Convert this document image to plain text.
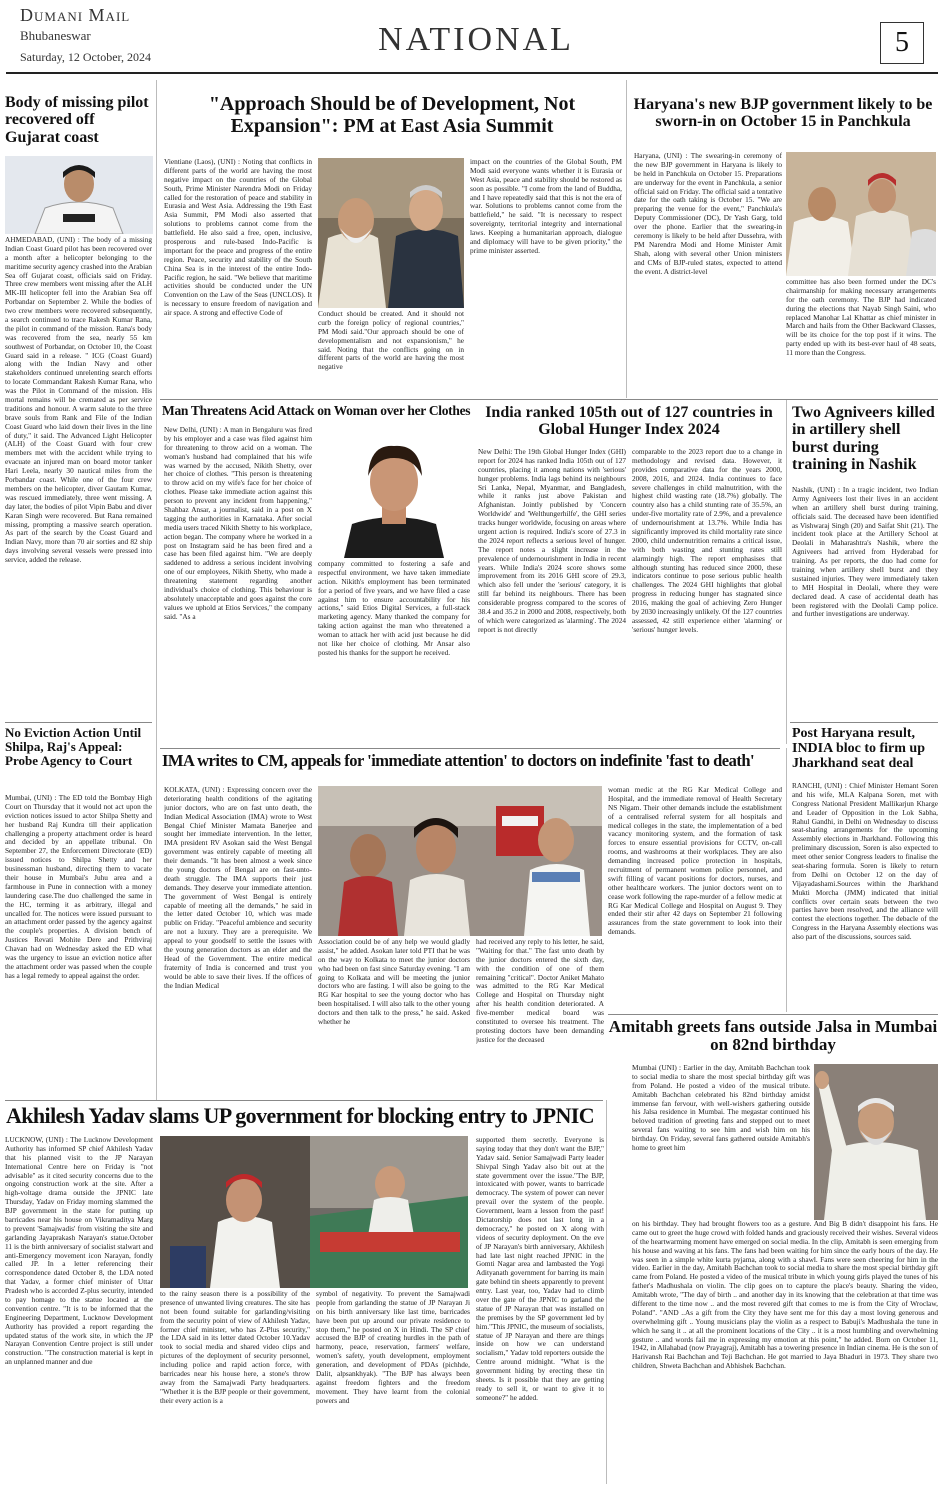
Dumani Mail
Bhubaneswar
Saturday, 12 October, 2024	NATIONAL	5
Body of missing pilot recovered off Gujarat coast
AHMEDABAD, (UNI) : The body of a missing Indian Coast Guard pilot has been recovered over a month after a helicopter belonging to the maritime security agency crashed into the Arabian Sea off Gujarat coast, officials said on Friday. Three crew members went missing after the ALH MK-III helicopter fell into the Arabian Sea off Porbandar on September 2. While the bodies of two crew members were recovered subsequently, a search continued to trace Rakesh Kumar Rana, the pilot in command of the mission. Rana's body was recovered from the sea, nearly 55 km southwest of Porbandar, on October 10, the Coast Guard said in a release. " ICG (Coast Guard) along with the Indian Navy and other stakeholders continued unrelenting search efforts to locate Commandant Rakesh Kumar Rana, who was the Pilot in Command of the mission. His mortal remains will be cremated as per service traditions and honour. A warm salute to the three brave souls from Rank and File of the Indian Coast Guard who laid down their lives in the line of duty," it said. The Advanced Light Helicopter (ALH) of the Coast Guard with four crew members met with the accident while trying to evacuate an injured man on board motor tanker Hari Leela, nearly 30 nautical miles from the Porbandar coast. While one of the four crew members on the helicopter, diver Gautam Kumar, was rescued immediately, three went missing. A day later, the bodies of pilot Vipin Babu and diver Karan Singh were recovered. But Rana remained missing, prompting a massive search operation. As part of the search by the Coast Guard and Indian Navy, more than 70 air sorties and 82 ship days involving several vessels were pressed into service, added the release.
No Eviction Action Until Shilpa, Raj's Appeal: Probe Agency to Court
Mumbai, (UNI) : The ED told the Bombay High Court on Thursday that it would not act upon the eviction notices issued to actor Shilpa Shetty and her husband Raj Kundra till their application challenging a property attachment order is heard and decided by an appellate tribunal. On September 27, the Enforcement Directorate (ED) issued notices to Shilpa Shetty and her businessman husband, directing them to vacate their house in Mumbai's Juhu area and a farmhouse in Pune in connection with a money laundering case.The duo challenged the same in the HC, terming it as arbitrary, illegal and uncalled for. The notices were issued pursuant to an attachment order passed by the agency against the couple's properties. A division bench of Justices Revati Mohite Dere and Prithviraj Chavan had on Wednesday asked the ED what was the urgency to issue an eviction notice after the attachment order was passed when the couple has a legal remedy to appeal against the order.
"Approach Should be of Development, Not Expansion": PM at East Asia Summit
Vientiane (Laos), (UNI) : Noting that conflicts in different parts of the world are having the most negative impact on the countries of the Global South, Prime Minister Narendra Modi on Friday called for the restoration of peace and stability in Eurasia and West Asia. Addressing the 19th East Asia Summit, PM Modi also asserted that solutions to problems cannot come from the battlefield. He also said a free, open, inclusive, prosperous and rule-based Indo-Pacific is important for the peace and progress of the entire region. Peace, security and stability of the South China Sea is in the interest of the entire Indo-Pacific region, he said. "We believe that maritime activities should be conducted under the UN Convention on the Law of the Seas (UNCLOS). It is necessary to ensure freedom of navigation and air space. A strong and effective Code of	Conduct should be created. And it should not curb the foreign policy of regional countries," PM Modi said."Our approach should be one of developmentalism and not expansionism," he said. Noting that the conflicts going on in different parts of the world are having the most negative
impact on the countries of the Global South, PM Modi said everyone wants whether it is Eurasia or West Asia, peace and stability should be restored as soon as possible. "I come from the land of Buddha, and I have repeatedly said that this is not the era of war. Solutions to problems cannot come from the battlefield," he said. "It is necessary to respect sovereignty, territorial integrity and international laws. Keeping a humanitarian approach, dialogue and diplomacy will have to be given priority," the prime minister asserted.
Haryana's new BJP government likely to be sworn-in on October 15 in Panchkula
Haryana, (UNI) : The swearing-in ceremony of the new BJP government in Haryana is likely to be held in Panchkula on October 15. Preparations are underway for the event in Panchkula, a senior official said on Friday. The official said a tentative date for the oath taking is October 15. "We are preparing the venue for the event," Panchkula's Deputy Commissioner (DC), Dr Yash Garg, told over the phone. Earlier that the swearing-in ceremony is likely to be held after Dussehra, with PM Narendra Modi and Home Minister Amit Shah, along with several other Union ministers and CMs of BJP-ruled states, expected to attend the event. A district-level
committee has also been formed under the DC's chairmanship for making necessary arrangements for the oath ceremony. The BJP had indicated during the elections that Nayab Singh Saini, who replaced Manohar Lal Khattar as chief minister in March and hails from the Other Backward Classes, will be its choice for the top post if it wins. The party ended up with its best-ever haul of 48 seats, 11 more than the Congress.
Man Threatens Acid Attack on Woman over her Clothes
New Delhi, (UNI) : A man in Bengaluru was fired by his employer and a case was filed against him for threatening to throw acid on a woman. The woman's husband had complained that his wife was warned by the accused, Nikith Shetty, over her choice of clothes. "This person is threatening to throw acid on my wife's face for her choice of clothes. Please take immediate action against this person to prevent any incident from happening," Shahbaz Ansar, a journalist, said in a post on X tagging the authorities in Karnataka. After social media users traced Nikith Shetty to his workplace, action began. The company where he worked in a post on Instagram said he has been fired and a case has been filed against him. "We are deeply saddened to address a serious incident involving one of our employees, Nikith Shetty, who made a threatening statement regarding another individual's choice of clothing. This behaviour is absolutely unacceptable and goes against the core values we uphold at Etios Services," the company said. "As a
company committed to fostering a safe and respectful environment, we have taken immediate action. Nikith's employment has been terminated for a period of five years, and we have filed a case against him to ensure accountability for his actions," said Etios Digital Services, a full-stack marketing agency. Many thanked the company for taking action against the man who threatened a woman to attack her with acid just because he did not like her choice of clothing. Mr Ansar also posted his thanks for the support he received.
India ranked 105th out of 127 countries in Global Hunger Index 2024
New Delhi: The 19th Global Hunger Index (GHI) report for 2024 has ranked India 105th out of 127 countries, placing it among nations with 'serious' hunger problems. India lags behind its neighbours Sri Lanka, Nepal, Myanmar, and Bangladesh, while it ranks just above Pakistan and Afghanistan. Jointly published by 'Concern Worldwide' and 'Welthungerhilfe', the GHI series tracks hunger worldwide, focusing on areas where urgent action is required. India's score of 27.3 in the 2024 report reflects a serious level of hunger. The report notes a slight increase in the prevalence of undernourishment in India in recent years. While India's 2024 score shows some improvement from its 2016 GHI score of 29.3, which also fell under the 'serious' category, it is still far behind its neighbours. There has been considerable progress compared to the scores of 38.4 and 35.2 in 2000 and 2008, respectively, both of which were categorized as 'alarming'. The 2024 report is not directly
comparable to the 2023 report due to a change in methodology and revised data. However, it provides comparative data for the years 2000, 2008, 2016, and 2024. India continues to face severe challenges in child malnutrition, with the highest child wasting rate (18.7%) globally. The country also has a child stunting rate of 35.5%, an under-five mortality rate of 2.9%, and a prevalence of undernourishment at 13.7%. While India has significantly improved its child mortality rate since 2000, child undernutrition remains a critical issue, with both wasting and stunting rates still alarmingly high. The report emphasises that although stunting has reduced since 2000, these indicators continue to pose serious public health challenges. The 2024 GHI highlights that global progress in reducing hunger has stagnated since 2016, making the goal of achieving Zero Hunger by 2030 increasingly unlikely. Of the 127 countries assessed, 42 still experience either 'alarming' or 'serious' hunger levels.
Two Agniveers killed in artillery shell burst during training in Nashik
Nashik, (UNI) : In a tragic incident, two Indian Army Agniveers lost their lives in an accident when an artillery shell burst during training, officials said. The deceased have been identified as Vishwaraj Singh (20) and Saifat Shit (21). The incident took place at the Artillery School at Deolali in Maharashtra's Nashik, where the Agniveers had arrived from Hyderabad for training. As per reports, the duo had come for training when artillery shell burst and they sustained injuries. They were immediately taken to MH Hospital in Deolali, where they were declared dead. A case of accidental death has been registered with the Deolali Camp police. and further investigations are underway.
IMA writes to CM, appeals for 'immediate attention' to doctors on indefinite 'fast to death'
KOLKATA, (UNI) : Expressing concern over the deteriorating health conditions of the agitating junior doctors, who are on fast unto death, the Indian Medical Association (IMA) wrote to West Bengal Chief Minister Mamata Banerjee and sought her immediate intervention. In the letter, IMA president RV Asokan said the West Bengal government was entirely capable of meeting all their demands. "It has been almost a week since the young doctors of Bengal are on fast-unto-death struggle. The IMA supports their just demands. They deserve your immediate attention. The government of West Bengal is entirely capable of meeting all the demands," he said in the letter dated October 10, which was made public on Friday. "Peaceful ambience and security are not a luxury. They are a prerequisite. We appeal to your goodself to settle the issues with the young generation doctors as an elder and the Head of the Government. The entire medical fraternity of India is concerned and trust you would be able to save their lives. If the offices of the Indian Medical
Association could be of any help we would gladly assist," he added. Asokan later told PTI that he was on the way to Kolkata to meet the junior doctors who had been on fast since Saturday evening. "I am going to Kolkata and will be meeting the junior doctors who are fasting. I will also be going to the RG Kar hospital to see the young doctor who has been hospitalised. I will also talk to the other young doctors and then talk to the press," he said. Asked whether he
had received any reply to his letter, he said, "Waiting for that." The fast unto death by the junior doctors entered the sixth day, with the condition of one of them remaining "critical". Doctor Aniket Mahato was admitted to the RG Kar Medical College and Hospital on Thursday night after his health condition deteriorated. A five-member medical board was constituted to oversee his treatment. The protesting doctors have been demanding justice for the deceased
woman medic at the RG Kar Medical College and Hospital, and the immediate removal of Health Secretary NS Nigam. Their other demands include the establishment of a centralised referral system for all hospitals and medical colleges in the state, the implementation of a bed vacancy monitoring system, and the formation of task forces to ensure essential provisions for CCTV, on-call rooms, and washrooms at their workplaces. They are also demanding increased police protection in hospitals, recruitment of permanent women police personnel, and swift filling of vacant positions for doctors, nurses, and other healthcare workers. The junior doctors went on to cease work following the rape-murder of a fellow medic at RG Kar Medical College and Hospital on August 9. They ended their stir after 42 days on September 21 following assurances from the state government to look into their demands.
Post Haryana result, INDIA bloc to firm up Jharkhand seat deal
RANCHI, (UNI) : Chief Minister Hemant Soren and his wife, MLA Kalpana Soren, met with Congress National President Mallikarjun Kharge and Leader of Opposition in the Lok Sabha, Rahul Gandhi, in Delhi on Wednesday to discuss seat-sharing arrangements for the upcoming Assembly elections in Jharkhand. Following this preliminary discussion, Soren is also expected to meet other senior Congress leaders to finalise the seat-sharing formula. Soren is likely to return from Delhi on October 12 on the day of Vijayadashami.Sources within the Jharkhand Mukti Morcha (JMM) indicated that initial conflicts over certain seats between the two parties have been resolved, and the alliance will contest the elections together. The debacle of the Congress in the Haryana Assembly elections was also part of the discussions, sources said.
Amitabh greets fans outside Jalsa in Mumbai on 82nd birthday
Mumbai (UNI) : Earlier in the day, Amitabh Bachchan took to social media to share the most special birthday gift was from Poland. He posted a video of the musical tribute. Amitabh Bachchan celebrated his 82nd birthday amidst immense fan fervour, with well-wishers gathering outside his Jalsa residence in Mumbai. The megastar continued his beloved tradition of greeting fans and stepped out to meet several fans waiting to see him and wish him on his birthday. On Friday, several fans gathered outside Amitabh's home to greet him
on his birthday. They had brought flowers too as a gesture. And Big B didn't disappoint his fans. He came out to greet the huge crowd with folded hands and graciously received their wishes. Several videos of the heartwarming moment have emerged on social media. In the clip, Amitabh is seen emerging from his house and waving at his fans. The fans had been waiting for him since the early hours of the day. He was seen in a simple white kurta pyjama, along with a shawl. Fans were seen cheering for him in the video. Earlier in the day, Amitabh Bachchan took to social media to share the most special birthday gift came from Poland. He posted a video of the musical tribute in which young girls played the tunes of his father's Madhushala on violin. The clip goes on to capture the place's beauty. Sharing the video, Amitabh wrote, "The day of birth .. and another day in its knowing that the celebration at that time was different to the time now .. and the most revered gift that comes to me is from the City of Wroclaw, Poland". "AND ..As a gift from the City they have sent me for this day a most loving generous and overwhelming gift .. Young musicians play the violin as a respect to Babuji's Madhushala the tune in which he sang it .. at all the prominent locations of the City .. it is a most humbling and overwhelming gesture .. and words fail me in expressing my emotion at this point," he added. Born on October 11, 1942, in Allahabad (now Prayagraj), Amitabh has a towering presence in Indian cinema. He is the son of Harivansh Rai Bachchan and Teji Bachchan. He got married to Jaya Bhaduri in 1973. They share two children, Shweta Bachchan and Abhishek Bachchan.
Akhilesh Yadav slams UP government for blocking entry to JPNIC
LUCKNOW, (UNI) : The Lucknow Development Authority has informed SP chief Akhilesh Yadav that his planned visit to the JP Narayan International Centre here on Friday is "not advisable" as it cited security concerns due to the ongoing construction work at the site. After a high-voltage drama outside the JPNIC late Thursday, Yadav on Friday morning slammed the BJP government in the state for putting up barricades near his house on Vikramaditya Marg to prevent 'Samajwadis' from visiting the site and garlanding Jayaprakash Narayan's statue.October 11 is the birth anniversary of socialist stalwart and anti-Emergency movement icon Narayan, fondly called JP. In a letter referencing their correspondence dated October 8, the LDA noted that Yadav, a former chief minister of Uttar Pradesh who is accorded Z-plus security, intended to pay homage to the statue located at the convention centre. "It is to be informed that the Engineering Department, Lucknow Development Authority has provided a report regarding the updated status of the work site, in which the JP Narayan Convention Centre project is still under construction. "The construction material is kept in an unplanned manner and due
to the rainy season there is a possibility of the presence of unwanted living creatures. The site has not been found suitable for garlanding/visiting from the security point of view of Akhilesh Yadav, former chief minister, who has Z-Plus security," the LDA said in its letter dated October 10.Yadav took to social media and shared video clips and pictures of the deployment of security personnel, including police and rapid action force, with barricades near his house here, a stone's throw away from the Samajwadi Party headquarters. "Whether it is the BJP people or their government, their every action is a
symbol of negativity. To prevent the Samajwadi people from garlanding the statue of JP Narayan Ji on his birth anniversary like last time, barricades have been put up around our private residence to stop them," he posted on X in Hindi. The SP chief accused the BJP of creating hurdles in the path of harmony, peace, reservation, farmers' welfare, women's safety, youth development, employment generation, and development of PDAs (pichhde, Dalit, alpsankhyak). "The BJP has always been against freedom fighters and the freedom movement. They have learnt from the colonial powers and
supported them secretly. Everyone is saying today that they don't want the BJP," Yadav said. Senior Samajwadi Party leader Shivpal Singh Yadav also bit out at the state government over the issue."The BJP, intoxicated with power, wants to barricade democracy. The system of power can never prevail over the system of the people. Government, learn a lesson from the past! Dictatorship does not last long in a democracy," he posted on X along with videos of security deployment. On the eve of JP Narayan's birth anniversary, Akhilesh had late last night reached JPNIC in the Gomti Nagar area and lambasted the Yogi Adityanath government for barring its main gate behind tin sheets apparently to prevent entry. Last year, too, Yadav had to climb over the gate of the JPNIC to garland the statue of JP Narayan that was installed on the premises by the SP government led by him."This JPNIC, the museum of socialists, statue of JP Narayan and there are things inside on how we can understand socialism," Yadav told reporters outside the Centre around midnight. "What is the government hiding by erecting these tin sheets. Is it possible that they are getting ready to sell it, or want to give it to someone?" he added.
